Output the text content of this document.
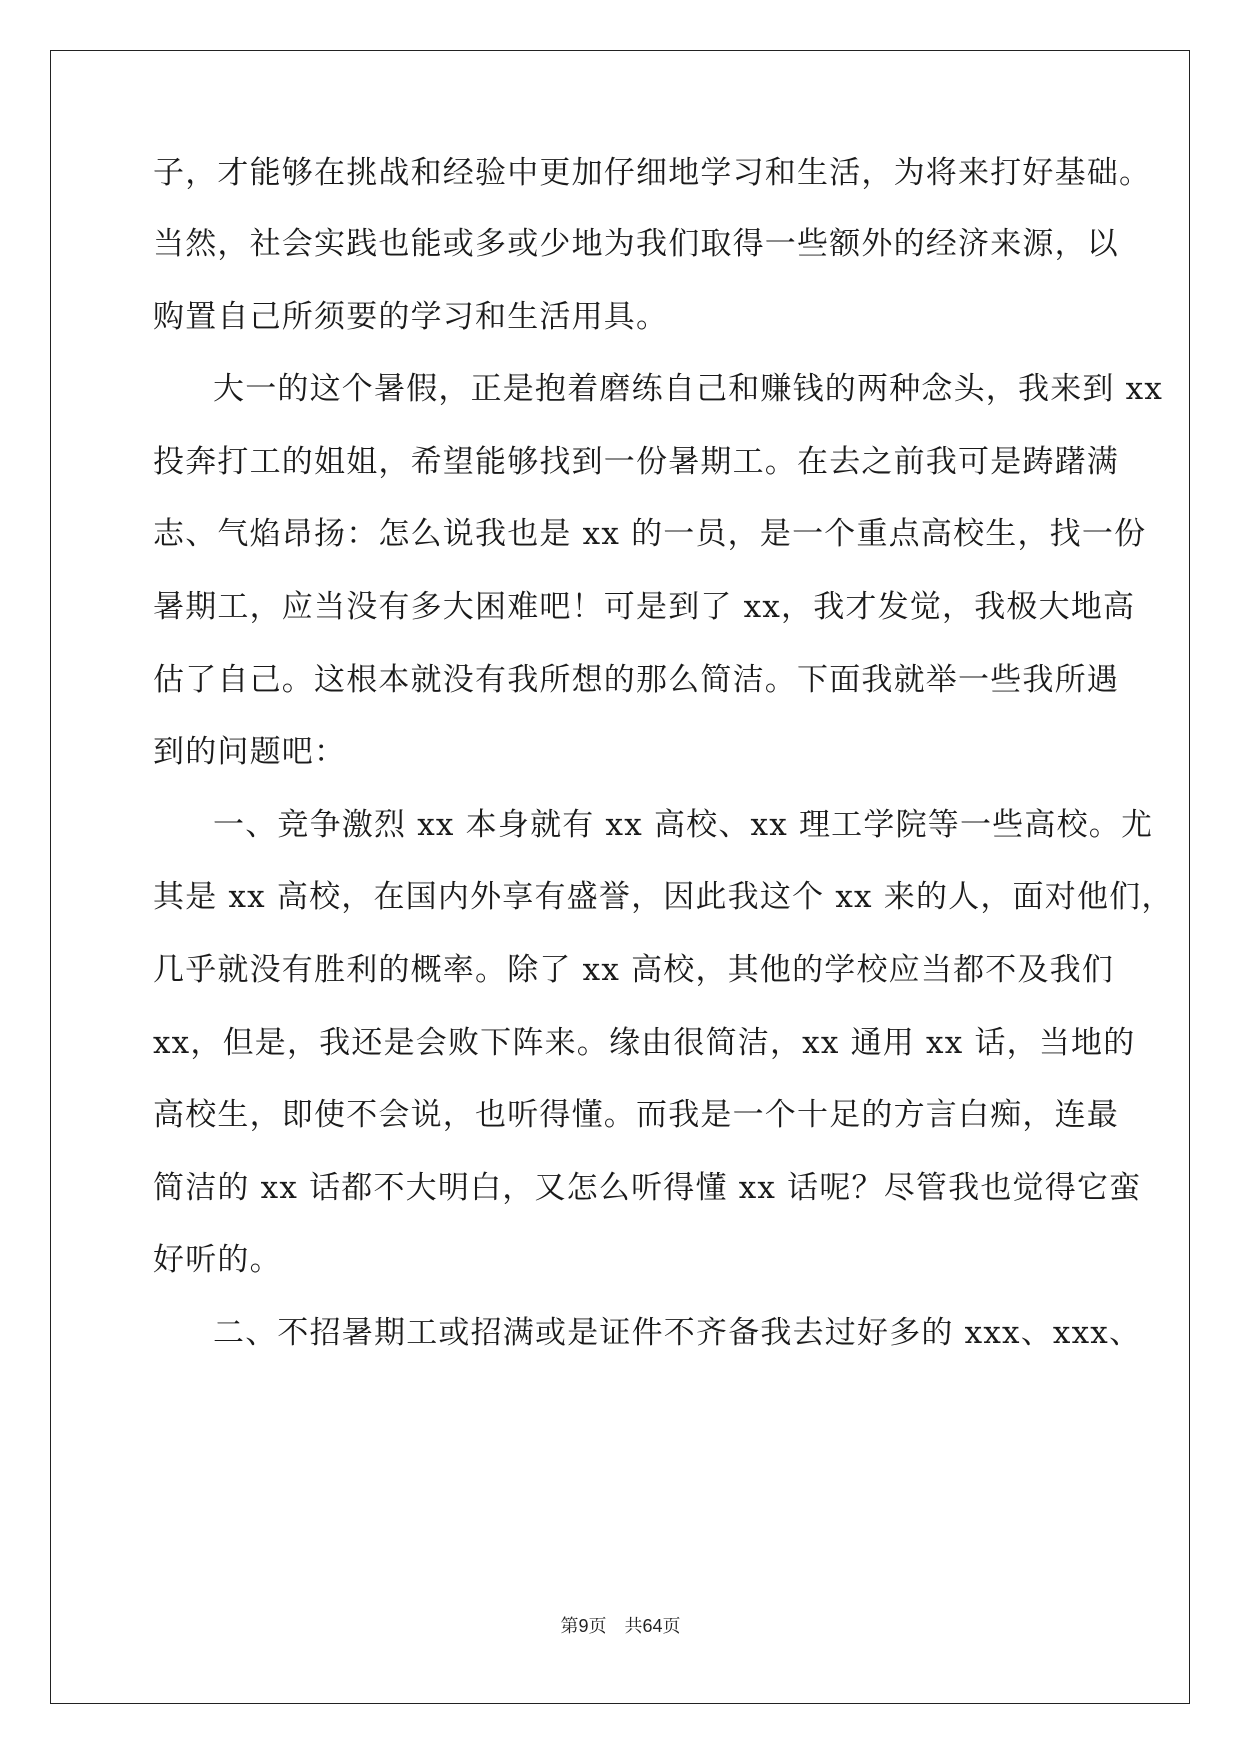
子，才能够在挑战和经验中更加仔细地学习和生活，为将来打好基础。
当然，社会实践也能或多或少地为我们取得一些额外的经济来源，以
购置自己所须要的学习和生活用具。
大一的这个暑假，正是抱着磨练自己和赚钱的两种念头，我来到 xx
投奔打工的姐姐，希望能够找到一份暑期工。在去之前我可是踌躇满
志、气焰昂扬：怎么说我也是 xx 的一员，是一个重点高校生，找一份
暑期工，应当没有多大困难吧！可是到了 xx，我才发觉，我极大地高
估了自己。这根本就没有我所想的那么简洁。下面我就举一些我所遇
到的问题吧：
一、竞争激烈 xx 本身就有 xx 高校、xx 理工学院等一些高校。尤
其是 xx 高校，在国内外享有盛誉，因此我这个 xx 来的人，面对他们，
几乎就没有胜利的概率。除了 xx 高校，其他的学校应当都不及我们
xx，但是，我还是会败下阵来。缘由很简洁，xx 通用 xx 话，当地的
高校生，即使不会说，也听得懂。而我是一个十足的方言白痴，连最
简洁的 xx 话都不大明白，又怎么听得懂 xx 话呢？尽管我也觉得它蛮
好听的。
二、不招暑期工或招满或是证件不齐备我去过好多的 xxx、xxx、
第9页　共64页
